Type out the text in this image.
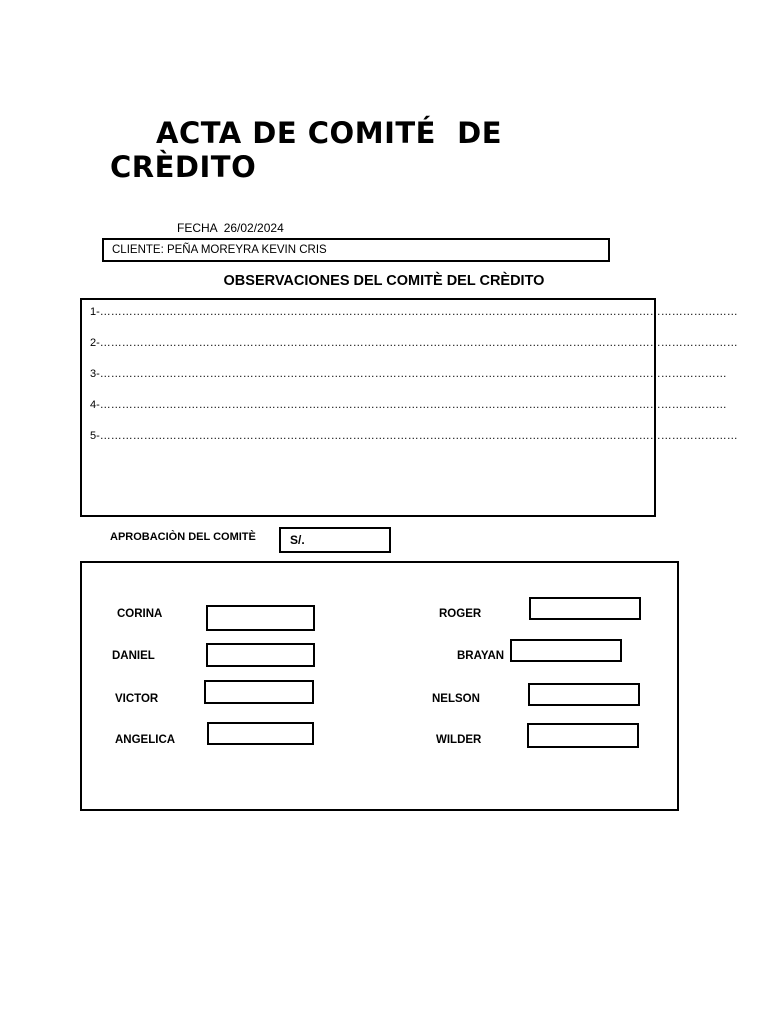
ACTA DE COMITÉ  DE
CRÈDITO
FECHA 26/02/2024
CLIENTE: PEÑA MOREYRA KEVIN CRIS
OBSERVACIONES DEL COMITÈ DEL CRÈDITO
1-…………………………………………………………………………………………………………………………………………………………
2-…………………………………………………………………………………………………………………………………………………………
3-………………………………………………………………………………………………………………………………………………………
4-………………………………………………………………………………………………………………………………………………………
5-…………………………………………………………………………………………………………………………………………………………
APROBACIÒN DEL COMITÈ	S/.
CORINA
DANIEL
VICTOR
ANGELICA
ROGER
BRAYAN
NELSON
WILDER
